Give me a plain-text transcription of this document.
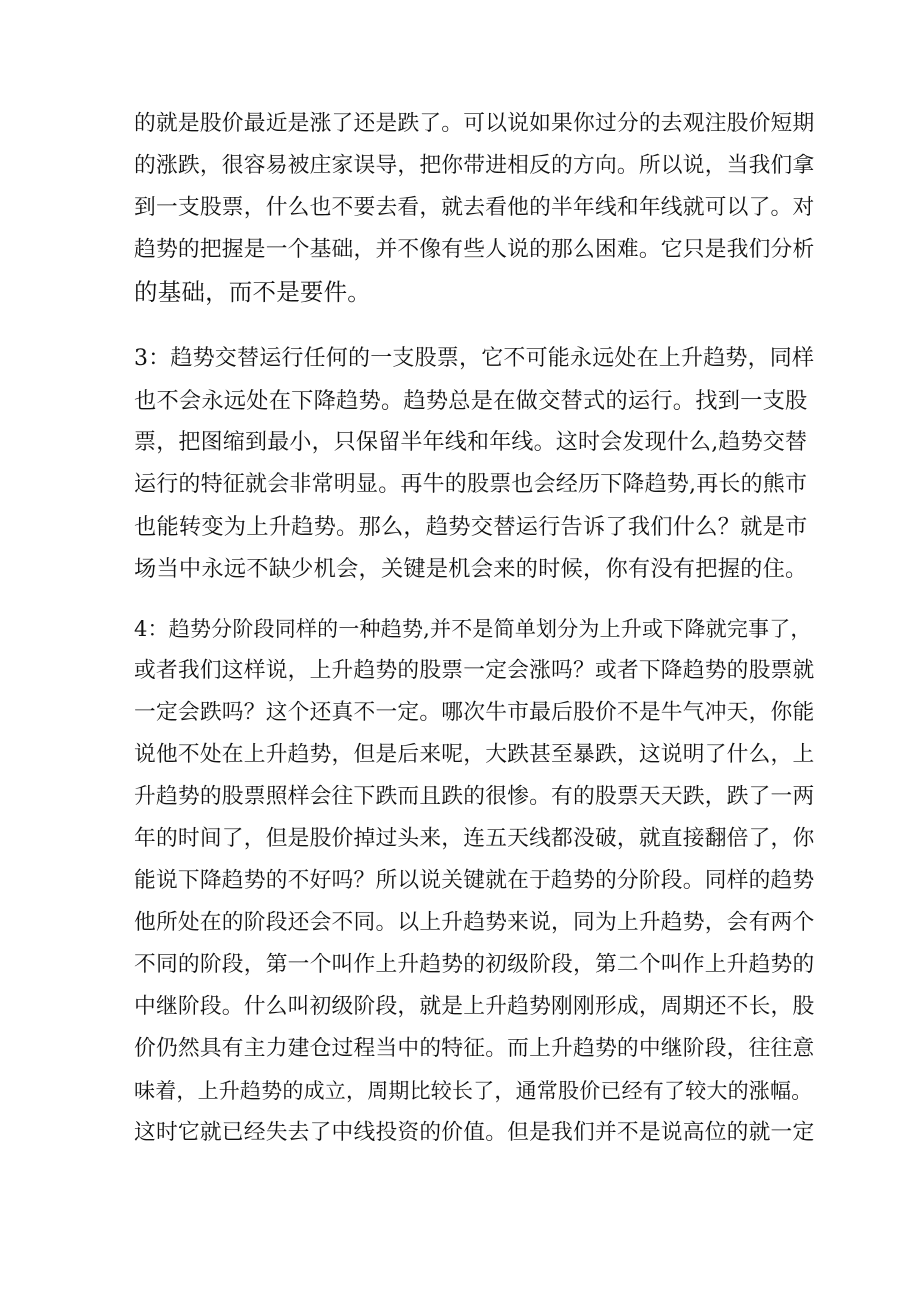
的就是股价最近是涨了还是跌了。可以说如果你过分的去观注股价短期
的涨跌，很容易被庄家误导，把你带进相反的方向。所以说，当我们拿
到一支股票，什么也不要去看，就去看他的半年线和年线就可以了。对
趋势的把握是一个基础，并不像有些人说的那么困难。它只是我们分析
的基础，而不是要件。

3：趋势交替运行任何的一支股票，它不可能永远处在上升趋势，同样
也不会永远处在下降趋势。趋势总是在做交替式的运行。找到一支股
票，把图缩到最小，只保留半年线和年线。这时会发现什么,趋势交替
运行的特征就会非常明显。再牛的股票也会经历下降趋势,再长的熊市
也能转变为上升趋势。那么，趋势交替运行告诉了我们什么？就是市
场当中永远不缺少机会，关键是机会来的时候，你有没有把握的住。

4：趋势分阶段同样的一种趋势,并不是简单划分为上升或下降就完事了，
或者我们这样说，上升趋势的股票一定会涨吗？或者下降趋势的股票就
一定会跌吗？这个还真不一定。哪次牛市最后股价不是牛气冲天，你能
说他不处在上升趋势，但是后来呢，大跌甚至暴跌，这说明了什么，上
升趋势的股票照样会往下跌而且跌的很惨。有的股票天天跌，跌了一两
年的时间了，但是股价掉过头来，连五天线都没破，就直接翻倍了，你
能说下降趋势的不好吗？所以说关键就在于趋势的分阶段。同样的趋势
他所处在的阶段还会不同。以上升趋势来说，同为上升趋势，会有两个
不同的阶段，第一个叫作上升趋势的初级阶段，第二个叫作上升趋势的
中继阶段。什么叫初级阶段，就是上升趋势刚刚形成，周期还不长，股
价仍然具有主力建仓过程当中的特征。而上升趋势的中继阶段，往往意
味着，上升趋势的成立，周期比较长了，通常股价已经有了较大的涨幅。
这时它就已经失去了中线投资的价值。但是我们并不是说高位的就一定
